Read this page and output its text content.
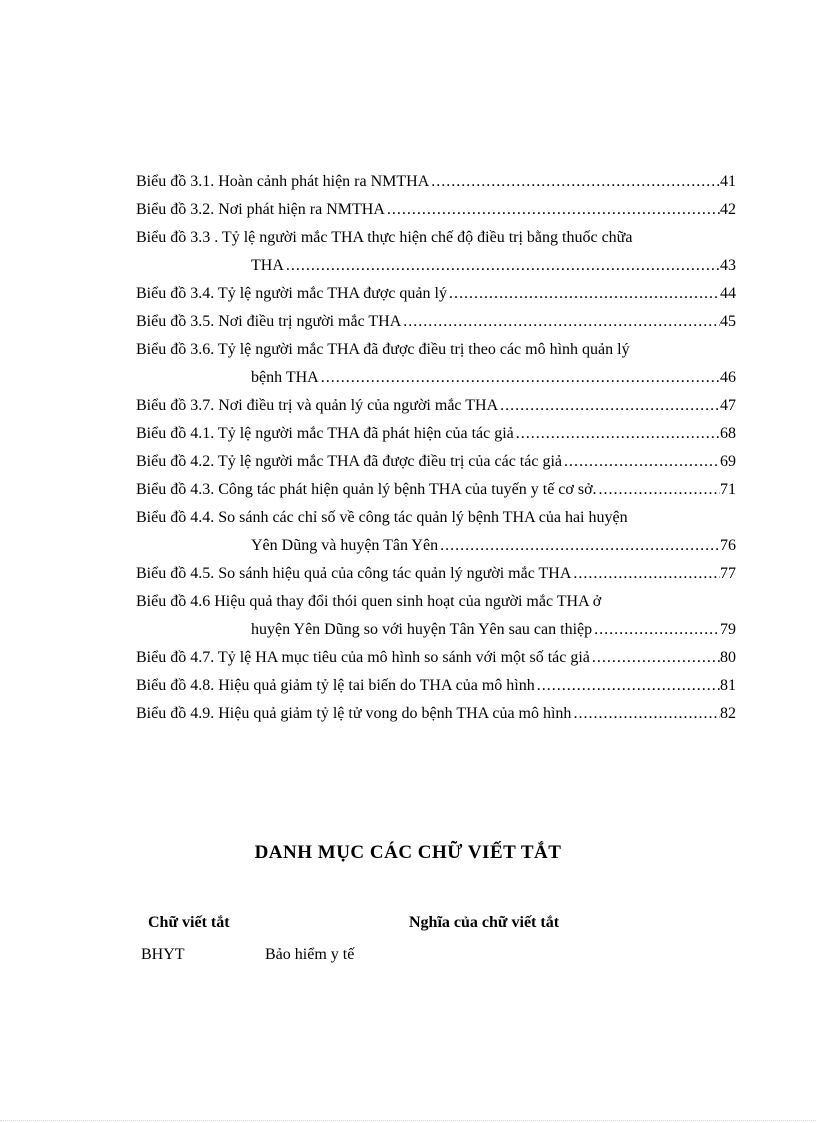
Biểu đồ 3.1. Hoàn cảnh phát hiện ra NMTHA .....	41
Biểu đồ 3.2. Nơi phát hiện ra NMTHA .....	42
Biểu đồ 3.3 . Tỷ lệ người mắc THA thực hiện chế độ điều trị bằng thuốc chữa
THA .....	43
Biểu đồ 3.4. Tỷ lệ người mắc THA được quản lý .....	44
Biểu đồ 3.5. Nơi điều trị người mắc THA .....	45
Biểu đồ 3.6. Tỷ lệ người mắc THA đã được điều trị theo các mô hình quản lý
bệnh THA .....	46
Biểu đồ 3.7. Nơi điều trị và quản lý của người mắc THA .....	47
Biểu đồ 4.1. Tỷ lệ người mắc THA đã phát hiện của tác giả .....	68
Biểu đồ 4.2. Tỷ lệ người mắc THA đã được điều trị của các tác giả .....	69
Biểu đồ 4.3. Công tác phát hiện quản lý bệnh THA của tuyến y tế cơ sở. .....	71
Biểu đồ 4.4. So sánh các chỉ số về công tác quản lý bệnh THA của hai huyện
Yên Dũng và huyện Tân Yên .....	76
Biểu đồ 4.5. So sánh hiệu quả của công tác quản lý người mắc THA .....	77
Biểu đồ 4.6 Hiệu quả thay đổi thói quen sinh hoạt của người mắc THA ở
huyện Yên Dũng so với huyện Tân Yên sau can thiệp .....	79
Biểu đồ 4.7. Tỷ lệ HA mục tiêu của mô hình so sánh với một số tác giả .....	80
Biểu đồ 4.8. Hiệu quả giảm tỷ lệ tai biến do THA của mô hình .....	81
Biểu đồ 4.9. Hiệu quả giảm tỷ lệ tử vong do bệnh THA của mô hình .....	82
DANH MỤC CÁC CHỮ VIẾT TẮT
Chữ viết tắt	Nghĩa của chữ viết tắt
BHYT	Bảo hiểm y tế
